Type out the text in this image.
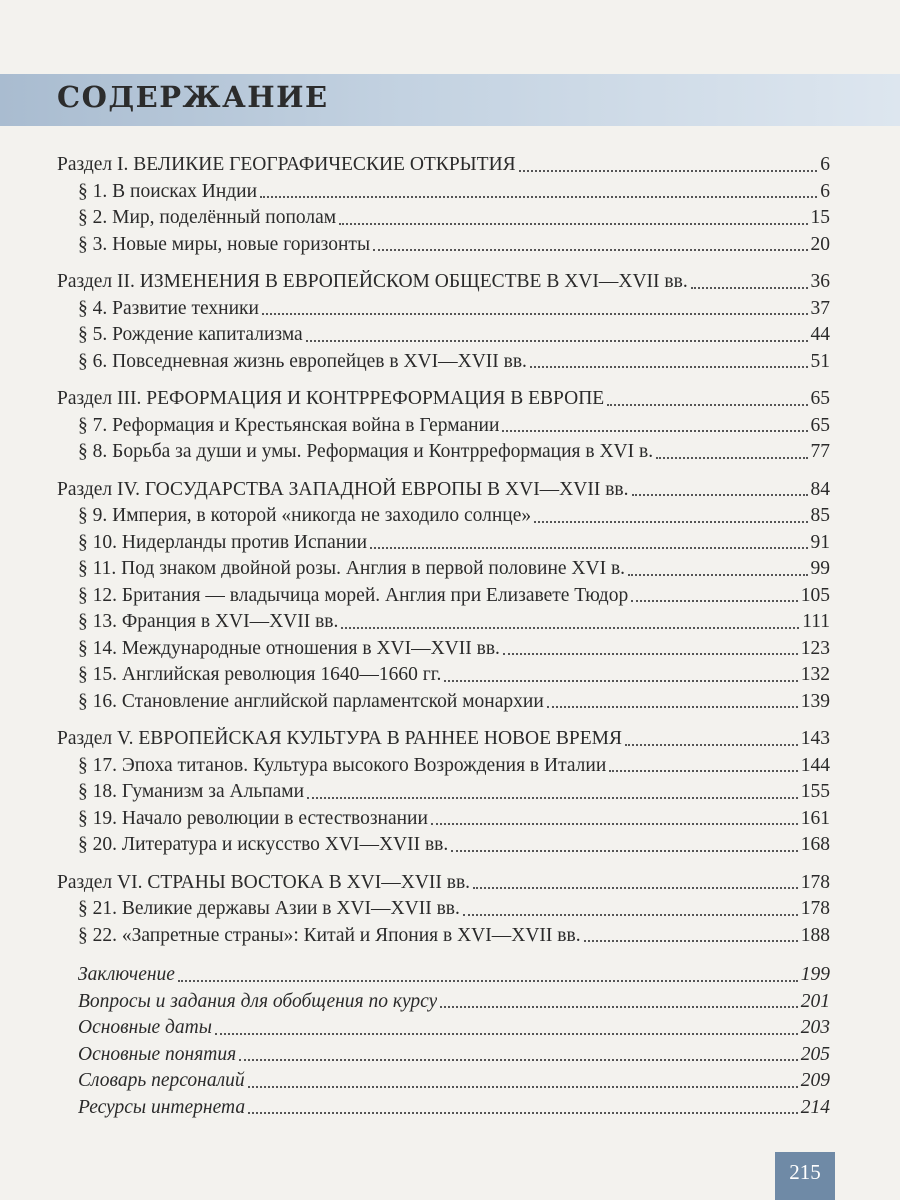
СОДЕРЖАНИЕ
Раздел I. ВЕЛИКИЕ ГЕОГРАФИЧЕСКИЕ ОТКРЫТИЯ	6
§ 1. В поисках Индии	6
§ 2. Мир, поделённый пополам	15
§ 3. Новые миры, новые горизонты	20
Раздел II. ИЗМЕНЕНИЯ В ЕВРОПЕЙСКОМ ОБЩЕСТВЕ В XVI—XVII вв.	36
§ 4. Развитие техники	37
§ 5. Рождение капитализма	44
§ 6. Повседневная жизнь европейцев в XVI—XVII вв.	51
Раздел III. РЕФОРМАЦИЯ И КОНТРРЕФОРМАЦИЯ В ЕВРОПЕ	65
§ 7. Реформация и Крестьянская война в Германии	65
§ 8. Борьба за души и умы. Реформация и Контрреформация в XVI в.	77
Раздел IV. ГОСУДАРСТВА ЗАПАДНОЙ ЕВРОПЫ В XVI—XVII вв.	84
§ 9. Империя, в которой «никогда не заходило солнце»	85
§ 10. Нидерланды против Испании	91
§ 11. Под знаком двойной розы. Англия в первой половине XVI в.	99
§ 12. Британия — владычица морей. Англия при Елизавете Тюдор	105
§ 13. Франция в XVI—XVII вв.	111
§ 14. Международные отношения в XVI—XVII вв.	123
§ 15. Английская революция 1640—1660 гг.	132
§ 16. Становление английской парламентской монархии	139
Раздел V. ЕВРОПЕЙСКАЯ КУЛЬТУРА В РАННЕЕ НОВОЕ ВРЕМЯ	143
§ 17. Эпоха титанов. Культура высокого Возрождения в Италии	144
§ 18. Гуманизм за Альпами	155
§ 19. Начало революции в естествознании	161
§ 20. Литература и искусство XVI—XVII вв.	168
Раздел VI. СТРАНЫ ВОСТОКА В XVI—XVII вв.	178
§ 21. Великие державы Азии в XVI—XVII вв.	178
§ 22. «Запретные страны»: Китай и Япония в XVI—XVII вв.	188
Заключение	199
Вопросы и задания для обобщения по курсу	201
Основные даты	203
Основные понятия	205
Словарь персоналий	209
Ресурсы интернета	214
215
